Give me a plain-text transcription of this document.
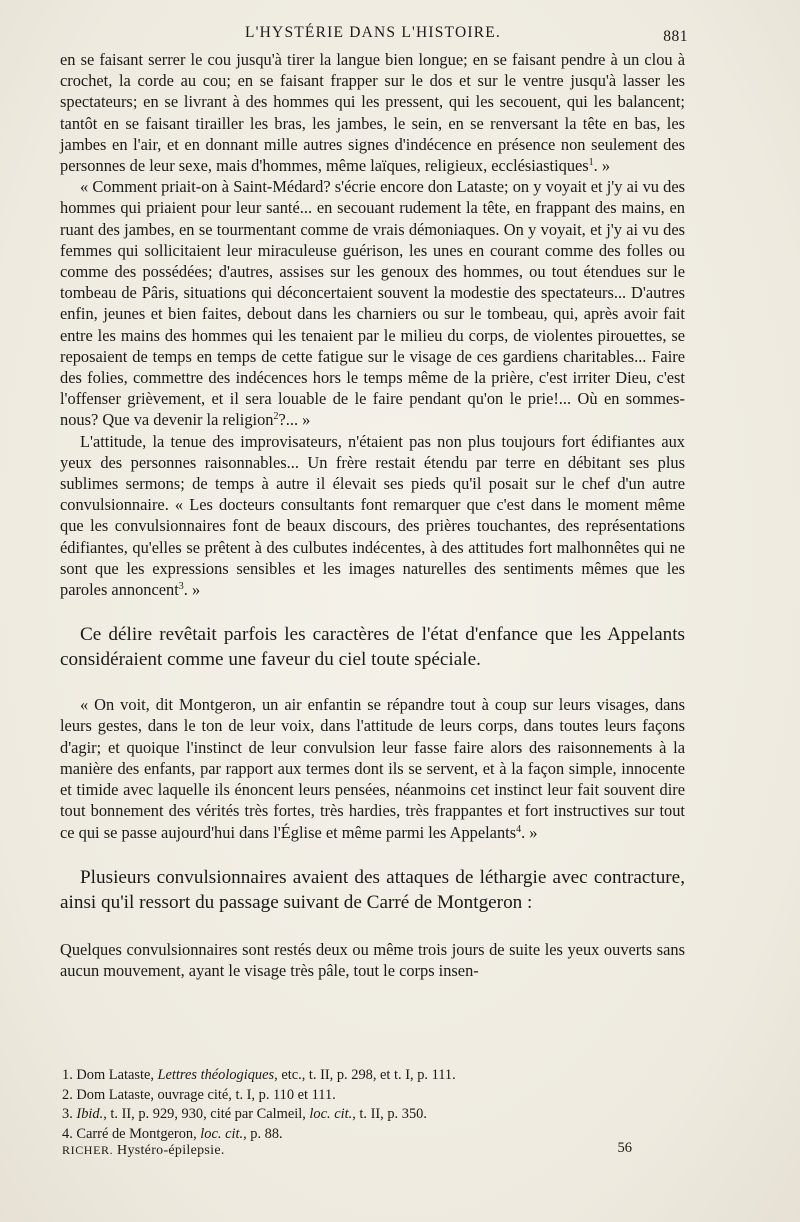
L'HYSTÉRIE DANS L'HISTOIRE.	881

en se faisant serrer le cou jusqu'à tirer la langue bien longue; en se faisant pendre à un clou à crochet, la corde au cou; en se faisant frapper sur le dos et sur le ventre jusqu'à lasser les spectateurs; en se livrant à des hommes qui les pressent, qui les secouent, qui les balancent; tantôt en se faisant tirailler les bras, les jambes, le sein, en se renversant la tête en bas, les jambes en l'air, et en donnant mille autres signes d'indécence en présence non seulement des personnes de leur sexe, mais d'hommes, même laïques, religieux, ecclésiastiques$^1$. »

« Comment priait-on à Saint-Médard? s'écrie encore don Lataste; on y voyait et j'y ai vu des hommes qui priaient pour leur santé... en secouant rudement la tête, en frappant des mains, en ruant des jambes, en se tourmentant comme de vrais démoniaques. On y voyait, et j'y ai vu des femmes qui sollicitaient leur miraculeuse guérison, les unes en courant comme des folles ou comme des possédées; d'autres, assises sur les genoux des hommes, ou tout étendues sur le tombeau de Pâris, situations qui déconcertaient souvent la modestie des spectateurs... D'autres enfin, jeunes et bien faites, debout dans les charniers ou sur le tombeau, qui, après avoir fait entre les mains des hommes qui les tenaient par le milieu du corps, de violentes pirouettes, se reposaient de temps en temps de cette fatigue sur le visage de ces gardiens charitables... Faire des folies, commettre des indécences hors le temps même de la prière, c'est irriter Dieu, c'est l'offenser grièvement, et il sera louable de le faire pendant qu'on le prie!... Où en sommes-nous? Que va devenir la religion$^2$?... »

L'attitude, la tenue des improvisateurs, n'étaient pas non plus toujours fort édifiantes aux yeux des personnes raisonnables... Un frère restait étendu par terre en débitant ses plus sublimes sermons; de temps à autre il élevait ses pieds qu'il posait sur le chef d'un autre convulsionnaire. « Les docteurs consultants font remarquer que c'est dans le moment même que les convulsionnaires font de beaux discours, des prières touchantes, des représentations édifiantes, qu'elles se prêtent à des culbutes indécentes, à des attitudes fort malhonnêtes qui ne sont que les expressions sensibles et les images naturelles des sentiments mêmes que les paroles annoncent$^3$. »

Ce délire revêtait parfois les caractères de l'état d'enfance que les Appelants considéraient comme une faveur du ciel toute spéciale.

« On voit, dit Montgeron, un air enfantin se répandre tout à coup sur leurs visages, dans leurs gestes, dans le ton de leur voix, dans l'attitude de leurs corps, dans toutes leurs façons d'agir; et quoique l'instinct de leur convulsion leur fasse faire alors des raisonnements à la manière des enfants, par rapport aux termes dont ils se servent, et à la façon simple, innocente et timide avec laquelle ils énoncent leurs pensées, néanmoins cet instinct leur fait souvent dire tout bonnement des vérités très fortes, très hardies, très frappantes et fort instructives sur tout ce qui se passe aujourd'hui dans l'Église et même parmi les Appelants$^4$. »

Plusieurs convulsionnaires avaient des attaques de léthargie avec contracture, ainsi qu'il ressort du passage suivant de Carré de Montgeron :

Quelques convulsionnaires sont restés deux ou même trois jours de suite les yeux ouverts sans aucun mouvement, ayant le visage très pâle, tout le corps insen-

1. Dom Lataste, Lettres théologiques, etc., t. II, p. 298, et t. I, p. 111.

2. Dom Lataste, ouvrage cité, t. I, p. 110 et 111.

3. Ibid., t. II, p. 929, 930, cité par Calmeil, loc. cit., t. II, p. 350.

4. Carré de Montgeron, loc. cit., p. 88.

RICHER. Hystéro-épilepsie.	56
